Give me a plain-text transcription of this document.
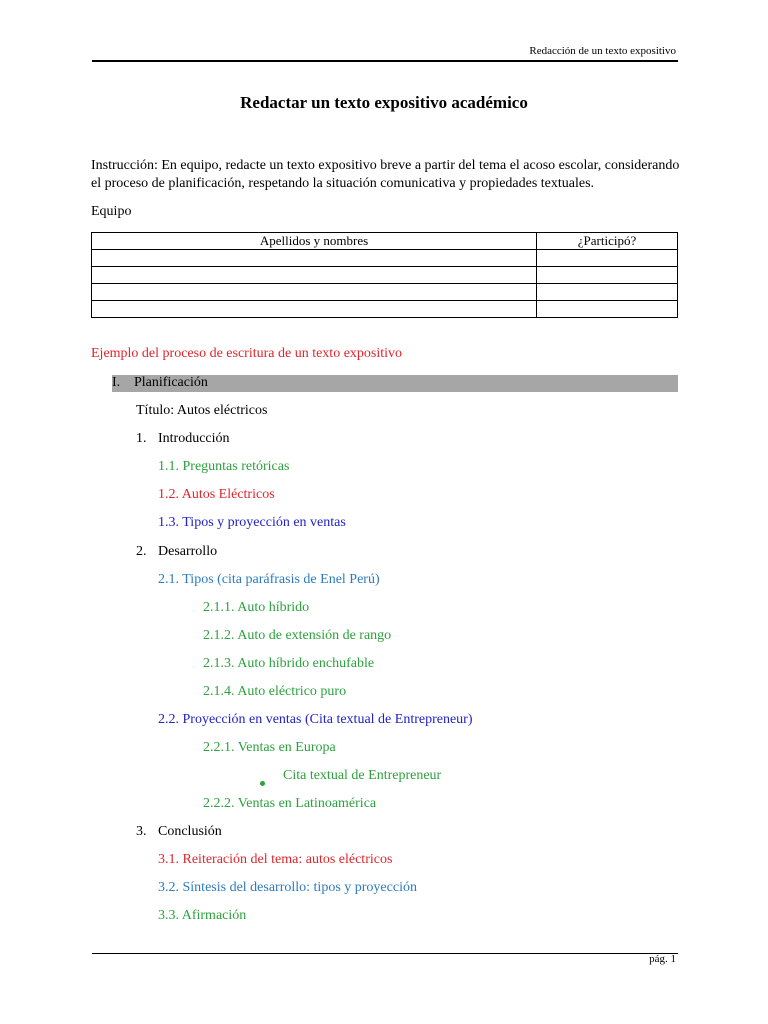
Redacción de un texto expositivo
Redactar un texto expositivo académico
Instrucción: En equipo, redacte un texto expositivo breve a partir del tema el acoso escolar, considerando el proceso de planificación, respetando la situación comunicativa y propiedades textuales.
Equipo
Apellidos y nombres	¿Participó?

Ejemplo del proceso de escritura de un texto expositivo
I. Planificación
Título: Autos eléctricos
1. Introducción
1.1. Preguntas retóricas
1.2. Autos Eléctricos
1.3. Tipos y proyección en ventas
2. Desarrollo
2.1. Tipos (cita paráfrasis de Enel Perú)
2.1.1. Auto híbrido
2.1.2. Auto de extensión de rango
2.1.3. Auto híbrido enchufable
2.1.4. Auto eléctrico puro
2.2. Proyección en ventas (Cita textual de Entrepreneur)
2.2.1. Ventas en Europa
Cita textual de Entrepreneur
2.2.2. Ventas en Latinoamérica
3. Conclusión
3.1. Reiteración del tema: autos eléctricos
3.2. Síntesis del desarrollo: tipos y proyección
3.3. Afirmación
pág. 1
